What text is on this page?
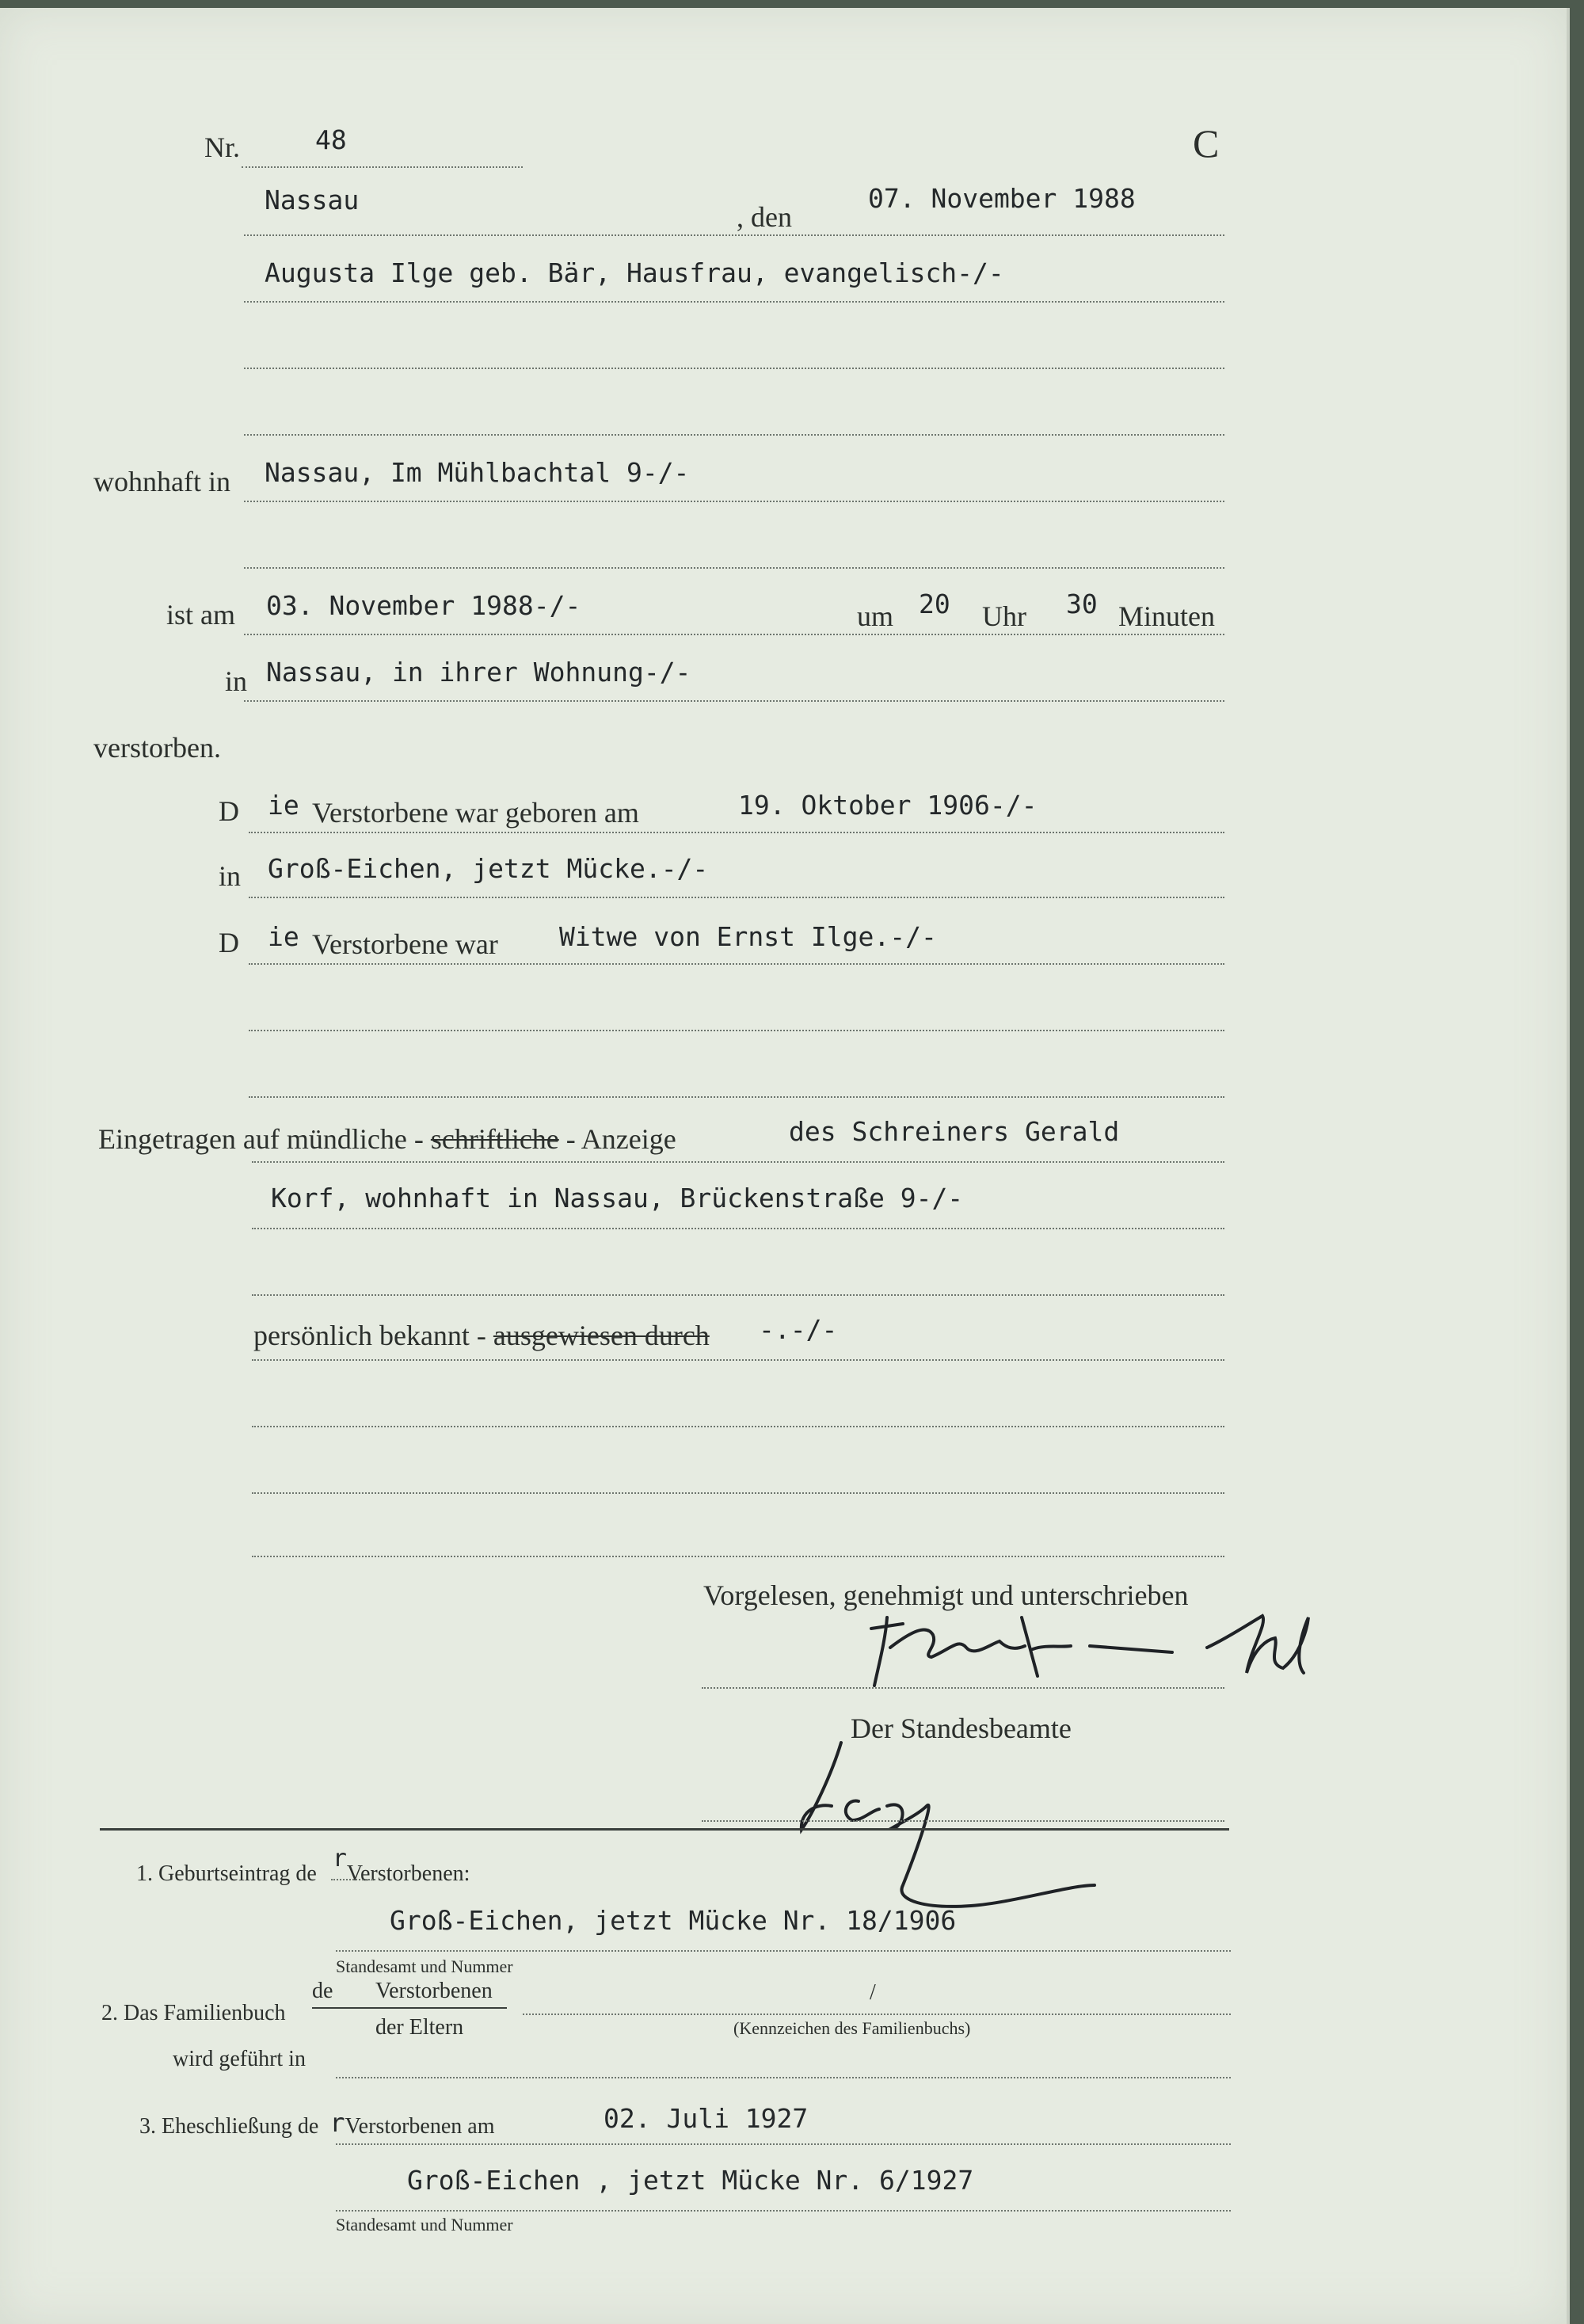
Nr.	48	C
Nassau
, den
07. November 1988
Augusta Ilge geb. Bär, Hausfrau, evangelisch-/-
wohnhaft in Nassau, Im Mühlbachtal 9-/-
ist am 03. November 1988-/-	um 20 Uhr 30 Minuten
in Nassau, in ihrer Wohnung-/-
verstorben.
D ie Verstorbene war geboren am	19. Oktober 1906-/-
in Groß-Eichen, jetzt Mücke.-/-
D ie Verstorbene war Witwe von Ernst Ilge.-/-
Eingetragen auf mündliche - schriftliche - Anzeige	des Schreiners Gerald
Korf, wohnhaft in Nassau, Brückenstraße 9-/-
persönlich bekannt - ausgewiesen durch -.-/-
Vorgelesen, genehmigt und unterschrieben
Der Standesbeamte
1. Geburtseintrag derVerstorbenen:
Groß-Eichen, jetzt Mücke Nr. 18/1906
Standesamt und Nummer
2. Das Familienbuch
de Verstorbenen
der Eltern
/
(Kennzeichen des Familienbuchs)
wird geführt in
3. Eheschließung de rVerstorbenen am	02. Juli 1927
Groß-Eichen , jetzt Mücke Nr. 6/1927
Standesamt und Nummer
